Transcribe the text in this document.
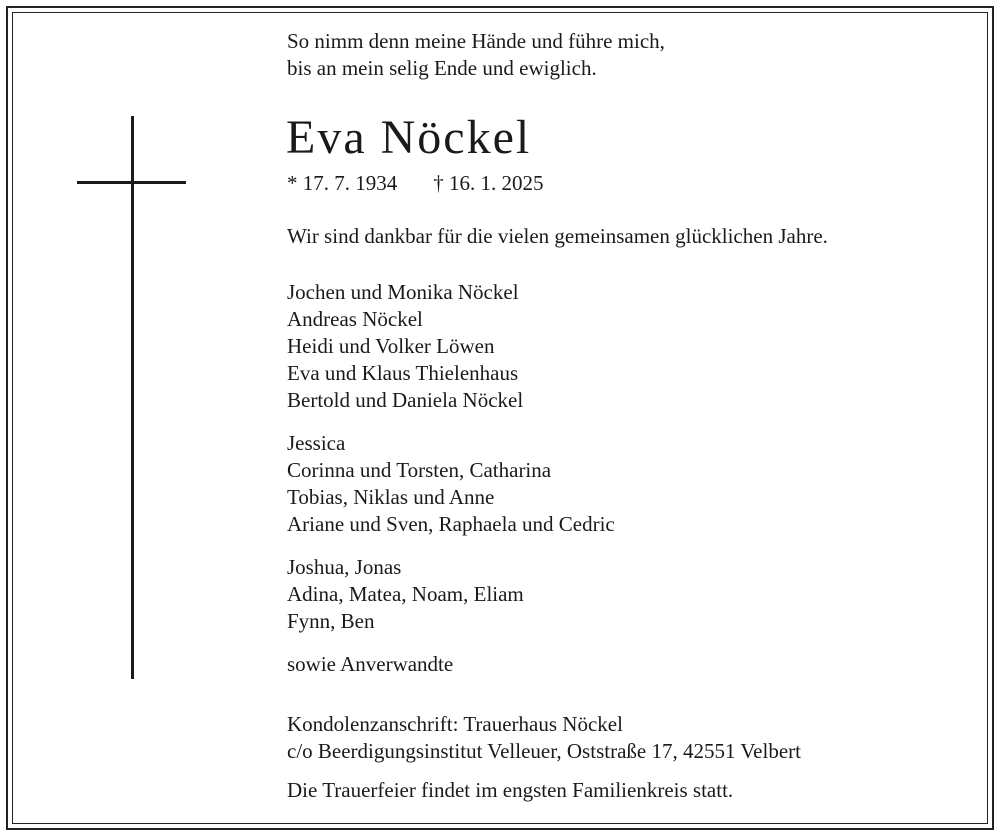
So nimm denn meine Hände und führe mich,
bis an mein selig Ende und ewiglich.
Eva Nöckel
* 17. 7. 1934 † 16. 1. 2025
Wir sind dankbar für die vielen gemeinsamen glücklichen Jahre.
Jochen und Monika Nöckel
Andreas Nöckel
Heidi und Volker Löwen
Eva und Klaus Thielenhaus
Bertold und Daniela Nöckel
Jessica
Corinna und Torsten, Catharina
Tobias, Niklas und Anne
Ariane und Sven, Raphaela und Cedric
Joshua, Jonas
Adina, Matea, Noam, Eliam
Fynn, Ben
sowie Anverwandte
Kondolenzanschrift: Trauerhaus Nöckel
c/o Beerdigungsinstitut Velleuer, Oststraße 17, 42551 Velbert
Die Trauerfeier findet im engsten Familienkreis statt.
